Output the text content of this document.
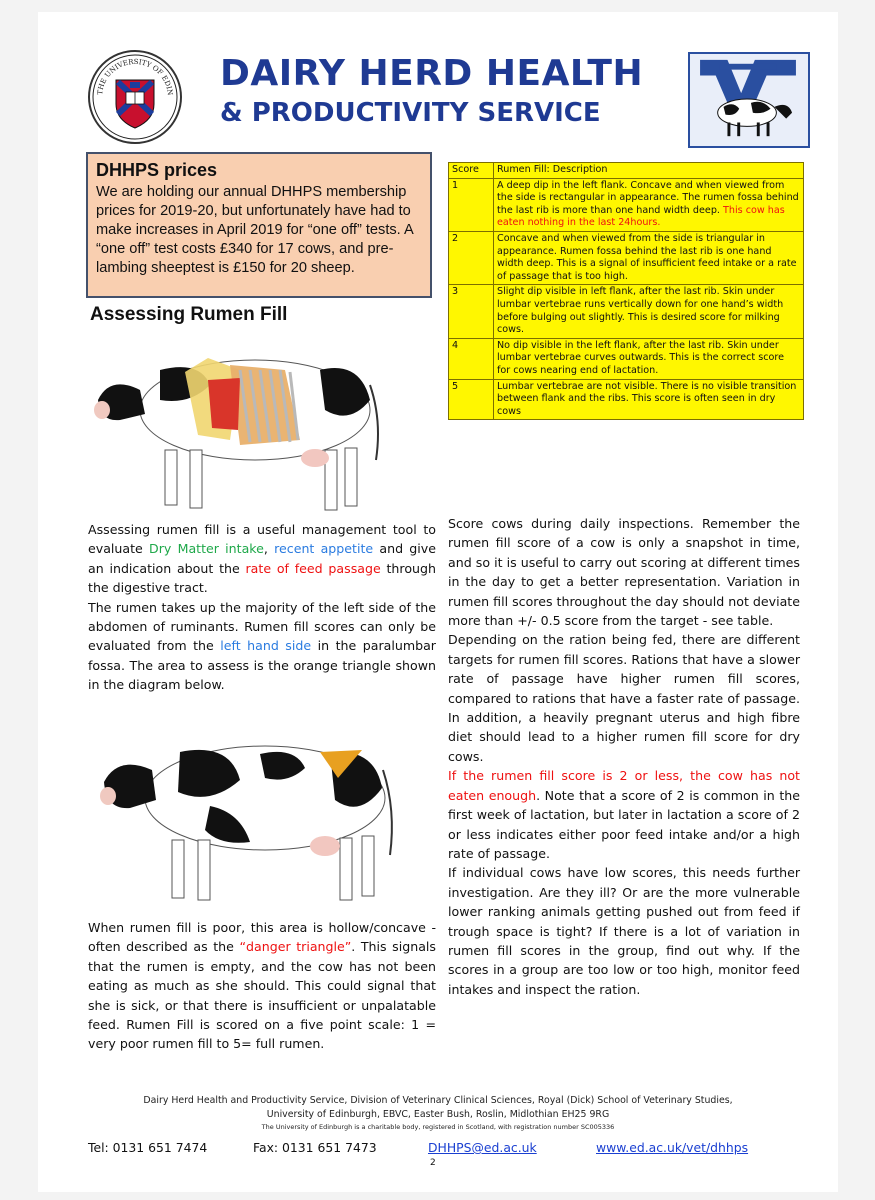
THE UNIVERSITY OF EDIN DAIRY HERD HEALTH
& PRODUCTIVITY SERVICE
DHHPS prices

We are holding our annual DHHPS membership prices for 2019-20, but unfortunately have had to make increases in April 2019 for “one off” tests. A “one off” test costs £340 for 17 cows, and pre-lambing sheeptest is £150 for 20 sheep.

Score	Rumen Fill: Description
1	A deep dip in the left flank. Concave and when viewed from the side is rectangular in appearance. The rumen fossa behind the last rib is more than one hand width deep. This cow has eaten nothing in the last 24hours.
2	Concave and when viewed from the side is triangular in appearance. Rumen fossa behind the last rib is one hand width deep. This is a signal of insufficient feed intake or a rate of passage that is too high.
3	Slight dip visible in left flank, after the last rib. Skin under lumbar vertebrae runs vertically down for one hand’s width before bulging out slightly. This is desired score for milking cows.
4	No dip visible in the left flank, after the last rib. Skin under lumbar vertebrae curves outwards. This is the correct score for cows nearing end of lactation.
5	Lumbar vertebrae are not visible. There is no visible transition between flank and the ribs. This score is often seen in dry cows
Assessing Rumen Fill
Assessing rumen fill is a useful management tool to evaluate Dry Matter intake, recent appetite and give an indication about the rate of feed passage through the digestive tract.
The rumen takes up the majority of the left side of the abdomen of ruminants. Rumen fill scores can only be evaluated from the left hand side in the paralumbar fossa. The area to assess is the orange triangle shown in the diagram below.
When rumen fill is poor, this area is hollow/concave - often described as the “danger triangle”. This signals that the rumen is empty, and the cow has not been eating as much as she should. This could signal that she is sick, or that there is insufficient or unpalatable feed. Rumen Fill is scored on a five point scale: 1 = very poor rumen fill to 5= full rumen.

Score cows during daily inspections. Remember the rumen fill score of a cow is only a snapshot in time, and so it is useful to carry out scoring at different times in the day to get a better representation. Variation in rumen fill scores throughout the day should not deviate more than +/- 0.5 score from the target - see table.

Depending on the ration being fed, there are different targets for rumen fill scores. Rations that have a slower rate of passage have higher rumen fill scores, compared to rations that have a faster rate of passage. In addition, a heavily pregnant uterus and high fibre diet should lead to a higher rumen fill score for dry cows.

If the rumen fill score is 2 or less, the cow has not eaten enough. Note that a score of 2 is common in the first week of lactation, but later in lactation a score of 2 or less indicates either poor feed intake and/or a high rate of passage.

If individual cows have low scores, this needs further investigation. Are they ill? Or are the more vulnerable lower ranking animals getting pushed out from feed if trough space is tight? If there is a lot of variation in rumen fill scores in the group, find out why. If the scores in a group are too low or too high, monitor feed intakes and inspect the ration.

Dairy Herd Health and Productivity Service, Division of Veterinary Clinical Sciences, Royal (Dick) School of Veterinary Studies,
University of Edinburgh, EBVC, Easter Bush, Roslin, Midlothian EH25 9RG
The University of Edinburgh is a charitable body, registered in Scotland, with registration number SC005336
Tel: 0131 651 7474	Fax: 0131 651 7473	DHHPS@ed.ac.uk	www.ed.ac.uk/vet/dhhps
2
